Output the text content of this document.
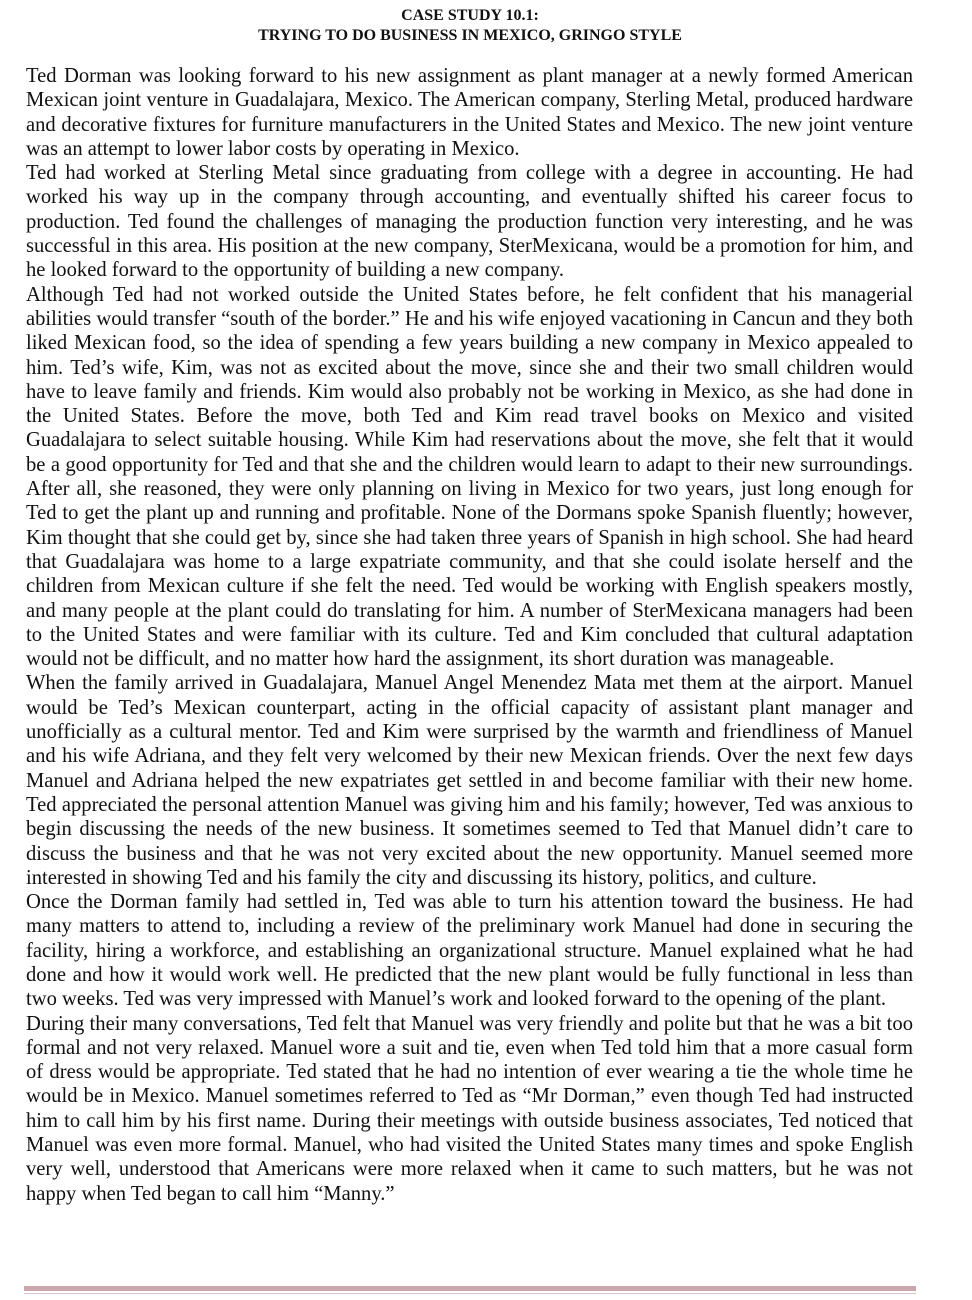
CASE STUDY 10.1:
TRYING TO DO BUSINESS IN MEXICO, GRINGO STYLE

Ted Dorman was looking forward to his new assignment as plant manager at a newly formed American Mexican joint venture in Guadalajara, Mexico. The American company, Sterling Metal, produced hardware and decorative fixtures for furniture manufacturers in the United States and Mexico. The new joint venture was an attempt to lower labor costs by operating in Mexico.

Ted had worked at Sterling Metal since graduating from college with a degree in accounting. He had worked his way up in the company through accounting, and eventually shifted his career focus to production. Ted found the challenges of managing the production function very interesting, and he was successful in this area. His position at the new company, SterMexicana, would be a promotion for him, and he looked forward to the opportunity of building a new company.

Although Ted had not worked outside the United States before, he felt confident that his managerial abilities would transfer “south of the border.” He and his wife enjoyed vacationing in Cancun and they both liked Mexican food, so the idea of spending a few years building a new company in Mexico appealed to him. Ted’s wife, Kim, was not as excited about the move, since she and their two small children would have to leave family and friends. Kim would also probably not be working in Mexico, as she had done in the United States. Before the move, both Ted and Kim read travel books on Mexico and visited Guadalajara to select suitable housing. While Kim had reservations about the move, she felt that it would be a good opportunity for Ted and that she and the children would learn to adapt to their new surroundings. After all, she reasoned, they were only planning on living in Mexico for two years, just long enough for Ted to get the plant up and running and profitable. None of the Dormans spoke Spanish fluently; however, Kim thought that she could get by, since she had taken three years of Spanish in high school. She had heard that Guadalajara was home to a large expatriate community, and that she could isolate herself and the children from Mexican culture if she felt the need. Ted would be working with English speakers mostly, and many people at the plant could do translating for him. A number of SterMexicana managers had been to the United States and were familiar with its culture. Ted and Kim concluded that cultural adaptation would not be difficult, and no matter how hard the assignment, its short duration was manageable.

When the family arrived in Guadalajara, Manuel Angel Menendez Mata met them at the airport. Manuel would be Ted’s Mexican counterpart, acting in the official capacity of assistant plant manager and unofficially as a cultural mentor. Ted and Kim were surprised by the warmth and friendliness of Manuel and his wife Adriana, and they felt very welcomed by their new Mexican friends. Over the next few days Manuel and Adriana helped the new expatriates get settled in and become familiar with their new home. Ted appreciated the personal attention Manuel was giving him and his family; however, Ted was anxious to begin discussing the needs of the new business. It sometimes seemed to Ted that Manuel didn’t care to discuss the business and that he was not very excited about the new opportunity. Manuel seemed more interested in showing Ted and his family the city and discussing its history, politics, and culture.

Once the Dorman family had settled in, Ted was able to turn his attention toward the business. He had many matters to attend to, including a review of the preliminary work Manuel had done in securing the facility, hiring a workforce, and establishing an organizational structure. Manuel explained what he had done and how it would work well. He predicted that the new plant would be fully functional in less than two weeks. Ted was very impressed with Manuel’s work and looked forward to the opening of the plant.

During their many conversations, Ted felt that Manuel was very friendly and polite but that he was a bit too formal and not very relaxed. Manuel wore a suit and tie, even when Ted told him that a more casual form of dress would be appropriate. Ted stated that he had no intention of ever wearing a tie the whole time he would be in Mexico. Manuel sometimes referred to Ted as “Mr Dorman,” even though Ted had instructed him to call him by his first name. During their meetings with outside business associates, Ted noticed that Manuel was even more formal. Manuel, who had visited the United States many times and spoke English very well, understood that Americans were more relaxed when it came to such matters, but he was not happy when Ted began to call him “Manny.”
